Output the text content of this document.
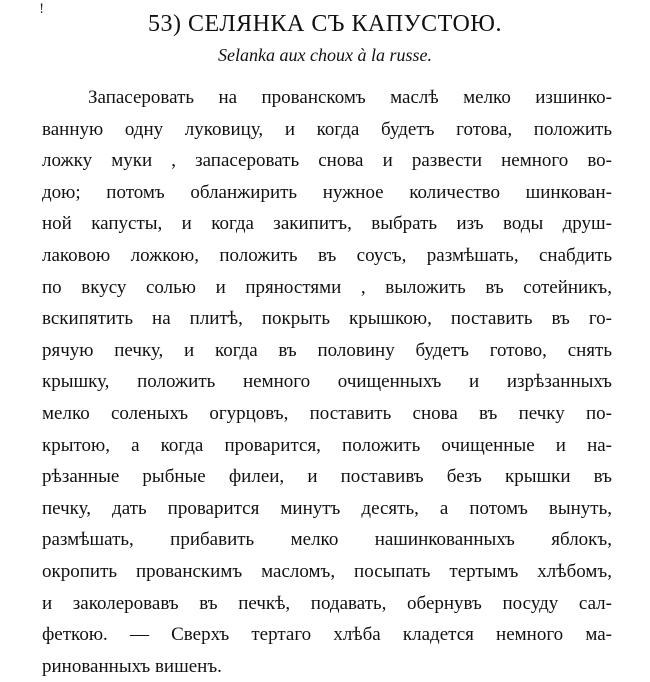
!
53) СЕЛЯНКА СЪ КАПУСТОЮ.
Selanka aux choux à la russe.
Запасеровать на прованскомъ маслѣ мелко изшинко-
ванную одну луковицу, и когда будетъ готова, положить
ложку муки , запасеровать снова и развести немного во-
дою; потомъ обланжирить нужное количество шинкован-
ной капусты, и когда закипитъ, выбрать изъ воды друш-
лаковою ложкою, положить въ соусъ, размѣшать, снабдить
по вкусу солью и пряностями , выложить въ сотейникъ,
вскипятить на плитѣ, покрыть крышкою, поставить въ го-
рячую печку, и когда въ половину будетъ готово, снять
крышку, положить немного очищенныхъ и изрѣзанныхъ
мелко соленыхъ огурцовъ, поставить снова въ печку по-
крытою, а когда проварится, положить очищенные и на-
рѣзанные рыбные филеи, и поставивъ безъ крышки въ
печку, дать проварится минутъ десять, а потомъ вынуть,
размѣшать, прибавить мелко нашинкованныхъ яблокъ,
окропить прованскимъ масломъ, посыпать тертымъ хлѣбомъ,
и заколеровавъ въ печкѣ, подавать, обернувъ посуду сал-
феткою. — Сверхъ тертаго хлѣба кладется немного ма-
ринованныхъ вишенъ.
